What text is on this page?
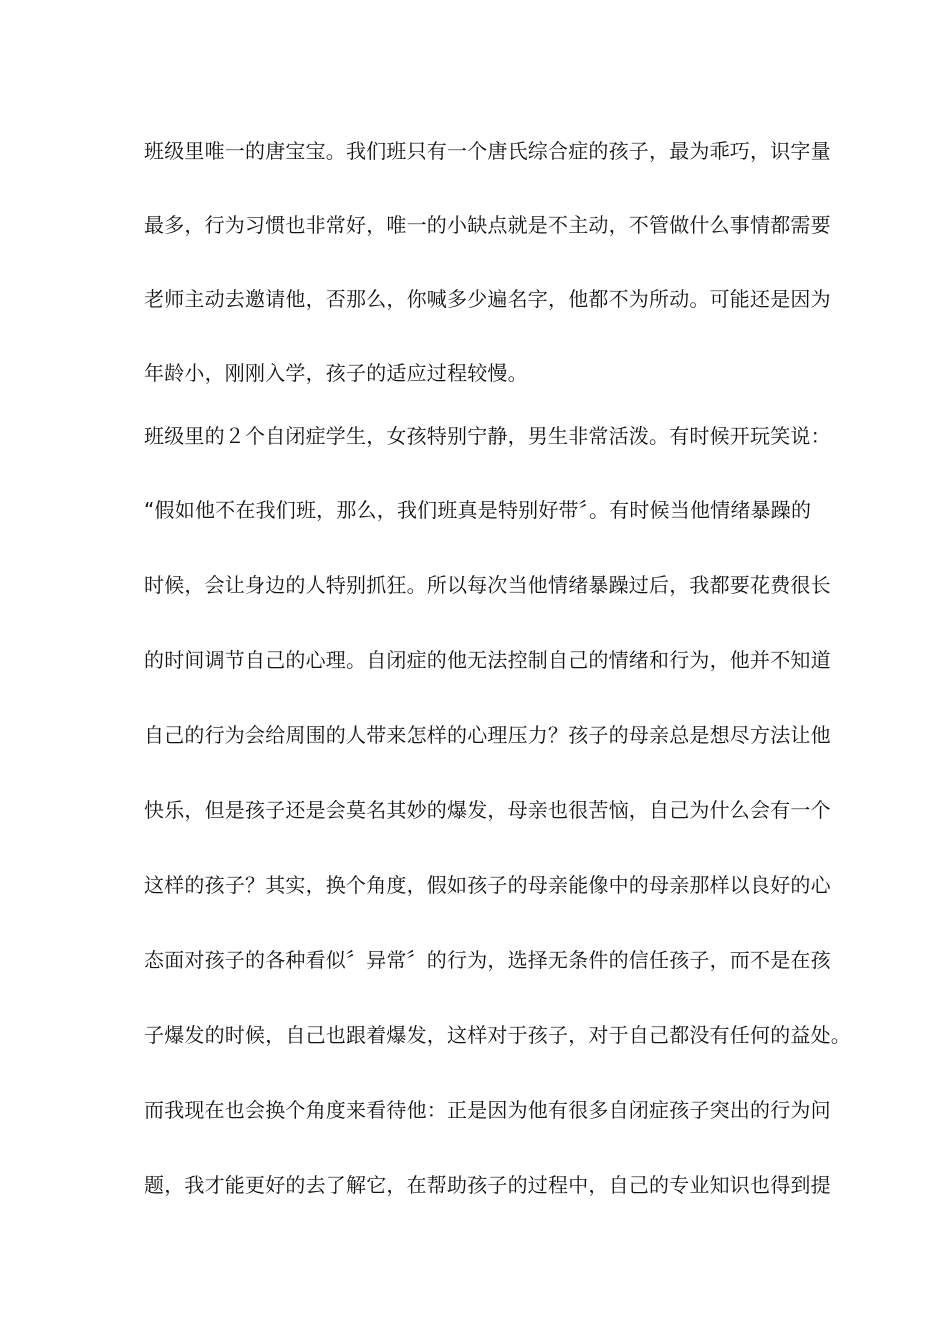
班级里唯一的唐宝宝。我们班只有一个唐氏综合症的孩子，最为乖巧，识字量
最多，行为习惯也非常好，唯一的小缺点就是不主动，不管做什么事情都需要
老师主动去邀请他，否那么，你喊多少遍名字，他都不为所动。可能还是因为
年龄小，刚刚入学，孩子的适应过程较慢。
班级里的２个自闭症学生，女孩特别宁静，男生非常活泼。有时候开玩笑说：
“假如他不在我们班，那么，我们班真是特别好带〞。有时候当他情绪暴躁的
时候，会让身边的人特别抓狂。所以每次当他情绪暴躁过后，我都要花费很长
的时间调节自己的心理。自闭症的他无法控制自己的情绪和行为，他并不知道
自己的行为会给周围的人带来怎样的心理压力？孩子的母亲总是想尽方法让他
快乐，但是孩子还是会莫名其妙的爆发，母亲也很苦恼，自己为什么会有一个
这样的孩子？其实，换个角度，假如孩子的母亲能像中的母亲那样以良好的心
态面对孩子的各种看似〞异常〞的行为，选择无条件的信任孩子，而不是在孩
子爆发的时候，自己也跟着爆发，这样对于孩子，对于自己都没有任何的益处。
而我现在也会换个角度来看待他：正是因为他有很多自闭症孩子突出的行为问
题，我才能更好的去了解它，在帮助孩子的过程中，自己的专业知识也得到提
